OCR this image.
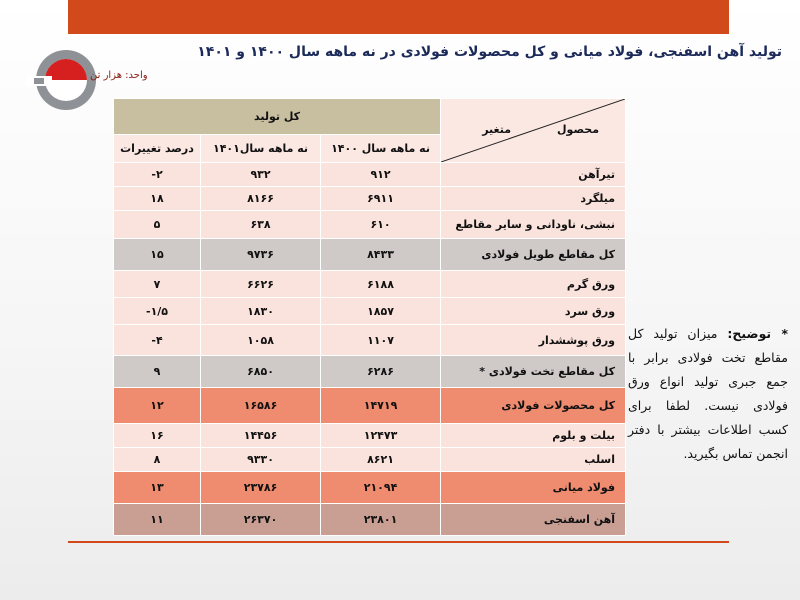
تولید آهن اسفنجی، فولاد میانی و کل محصولات فولادی در نه ماهه سال ۱۴۰۰ و ۱۴۰۱
واحد: هزار تن
محصول
متغیر	کل تولید		
	نه ماهه سال ۱۴۰۰	نه ماهه سال۱۴۰۱	درصد تغییرات
تیرآهن	۹۱۲	۹۳۲	۲-
میلگرد	۶۹۱۱	۸۱۶۶	۱۸
نبشی، ناودانی و سایر مقاطع	۶۱۰	۶۳۸	۵
کل مقاطع طویل فولادی	۸۴۳۳	۹۷۳۶	۱۵
ورق گرم	۶۱۸۸	۶۶۲۶	۷
ورق سرد	۱۸۵۷	۱۸۳۰	۱/۵-
ورق پوششدار	۱۱۰۷	۱۰۵۸	۴-
کل مقاطع تخت فولادی *	۶۲۸۶	۶۸۵۰	۹
کل محصولات فولادی	۱۴۷۱۹	۱۶۵۸۶	۱۲
بیلت و بلوم	۱۲۴۷۳	۱۴۴۵۶	۱۶
اسلب	۸۶۲۱	۹۳۳۰	۸
فولاد میانی	۲۱۰۹۴	۲۳۷۸۶	۱۳
آهن اسفنجی	۲۳۸۰۱	۲۶۳۷۰	۱۱
* توضیح: میزان تولید کل مقاطع تخت فولادی برابر با جمع جبری تولید انواع ورق فولادی نیست. لطفا برای کسب اطلاعات بیشتر با دفتر انجمن تماس بگیرید.
